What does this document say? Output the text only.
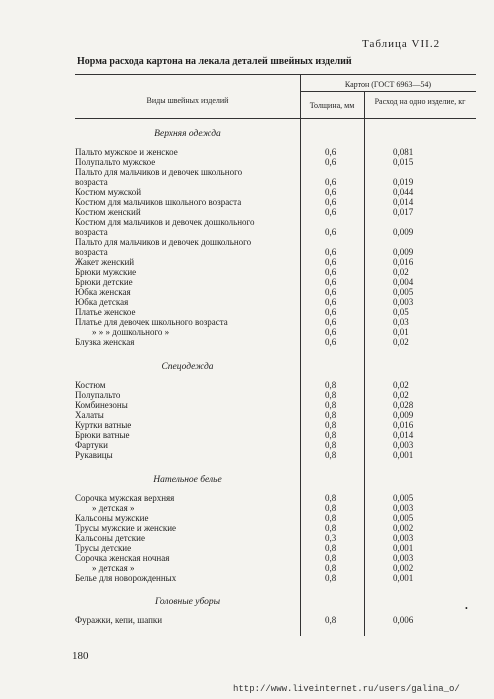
Таблица VII.2
Норма расхода картона на лекала деталей швейных изделий
Виды швейных изделий
Картон (ГОСТ 6963—54)
Толщина, мм	Расход на одно изделие, кг
Верхняя одежда
Пальто мужское и женское	0,6	0,081
Полупальто мужское	0,6	0,015
Пальто для мальчиков и девочек школьного
возраста	0,6	0,019
Костюм мужской	0,6	0,044
Костюм для мальчиков школьного возраста	0,6	0,014
Костюм женский	0,6	0,017
Костюм для мальчиков и девочек дошкольного
возраста	0,6	0,009
Пальто для мальчиков и девочек дошкольного
возраста	0,6	0,009
Жакет женский	0,6	0,016
Брюки мужские	0,6	0,02
Брюки детские	0,6	0,004
Юбка женская	0,6	0,005
Юбка детская	0,6	0,003
Платье женское	0,6	0,05
Платье для девочек школьного возраста	0,6	0,03
» » » дошкольного »	0,6	0,01
Блузка женская	0,6	0,02
Спецодежда
Костюм	0,8	0,02
Полупальто	0,8	0,02
Комбинезоны	0,8	0,028
Халаты	0,8	0,009
Куртки ватные	0,8	0,016
Брюки ватные	0,8	0,014
Фартуки	0,8	0,003
Рукавицы	0,8	0,001
Нательное белье
Сорочка мужская верхняя	0,8	0,005
» детская »	0,8	0,003
Кальсоны мужские	0,8	0,005
Трусы мужские и женские	0,8	0,002
Кальсоны детские	0,3	0,003
Трусы детские	0,8	0,001
Сорочка женская ночная	0,8	0,003
» детская »	0,8	0,002
Белье для новорожденных	0,8	0,001
Головные уборы
Фуражки, кепи, шапки	0,8	0,006
180
http://www.liveinternet.ru/users/galina_o/
•
